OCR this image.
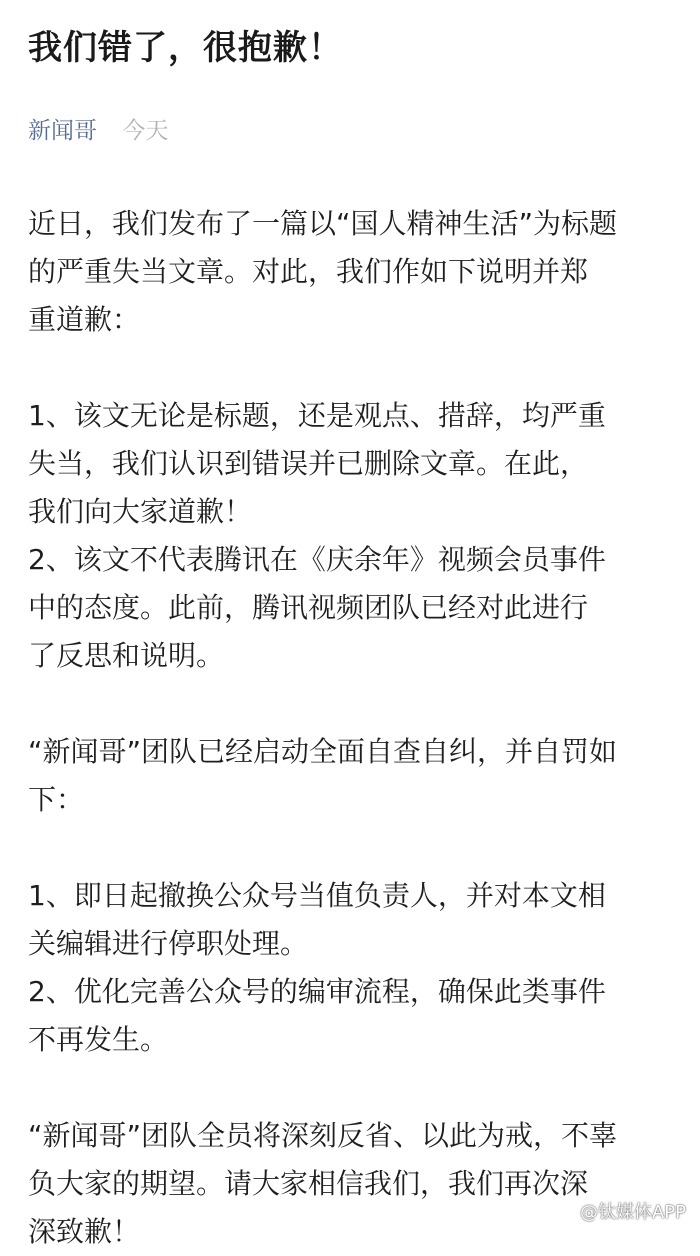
我们错了，很抱歉！
新闻哥 今天
近日，我们发布了一篇以“国人精神生活”为标题
的严重失当文章。对此，我们作如下说明并郑
重道歉：
1、该文无论是标题，还是观点、措辞，均严重
失当，我们认识到错误并已删除文章。在此，
我们向大家道歉！
2、该文不代表腾讯在《庆余年》视频会员事件
中的态度。此前，腾讯视频团队已经对此进行
了反思和说明。
“新闻哥”团队已经启动全面自查自纠，并自罚如
下：
1、即日起撤换公众号当值负责人，并对本文相
关编辑进行停职处理。
2、优化完善公众号的编审流程，确保此类事件
不再发生。
“新闻哥”团队全员将深刻反省、以此为戒，不辜
负大家的期望。请大家相信我们，我们再次深
深致歉！
@钛媒体APP
